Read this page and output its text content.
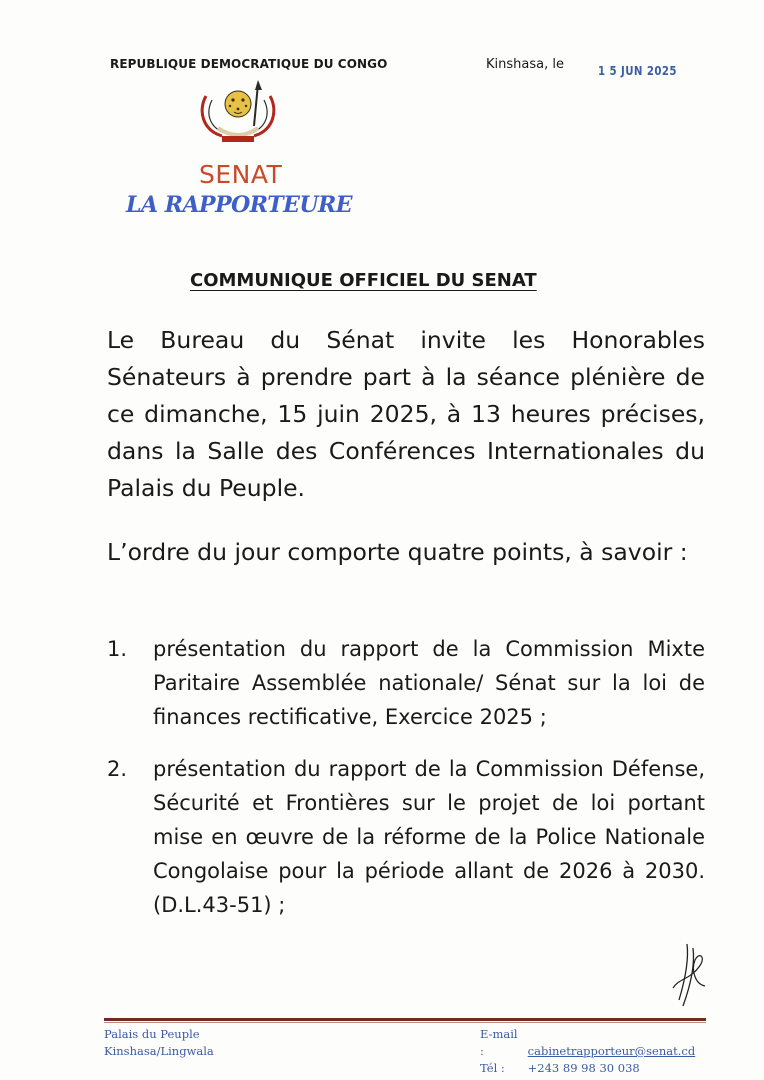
REPUBLIQUE DEMOCRATIQUE DU CONGO	Kinshasa, le	1 5 JUN 2025
SENAT
LA RAPPORTEURE
COMMUNIQUE OFFICIEL DU SENAT
Le Bureau du Sénat invite les Honorables Sénateurs à prendre part à la séance plénière de ce dimanche, 15 juin 2025, à 13 heures précises, dans la Salle des Conférences Internationales du Palais du Peuple.
L’ordre du jour comporte quatre points, à savoir :
1. présentation du rapport de la Commission Mixte Paritaire Assemblée nationale/ Sénat sur la loi de finances rectificative, Exercice 2025 ;
2. présentation du rapport de la Commission Défense, Sécurité et Frontières sur le projet de loi portant mise en œuvre de la réforme de la Police Nationale Congolaise pour la période allant de 2026 à 2030. (D.L.43-51) ;
Palais du Peuple
Kinshasa/Lingwala
E-mail :	cabinetrapporteur@senat.cd
Tél : +243 89 98 30 038
